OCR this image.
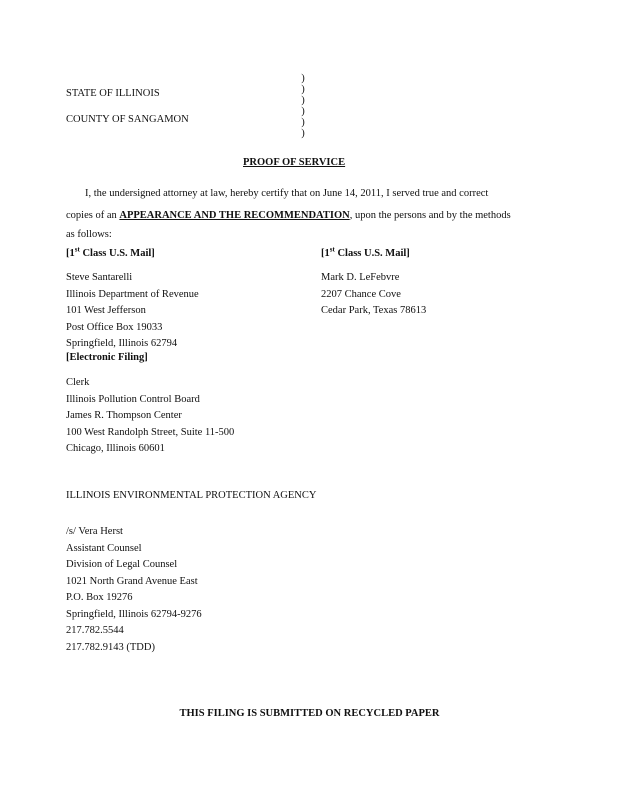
STATE OF ILLINOIS
COUNTY OF SANGAMON
)
)
)
)
)
)
PROOF OF SERVICE
I, the undersigned attorney at law, hereby certify that on June 14, 2011, I served true and correct
copies of an APPEARANCE AND THE RECOMMENDATION, upon the persons and by the methods
as follows:
[1st Class U.S. Mail]	[1st Class U.S. Mail]
Steve Santarelli
Illinois Department of Revenue
101 West Jefferson
Post Office Box 19033
Springfield, Illinois 62794
Mark D. LeFebvre
2207 Chance Cove
Cedar Park, Texas 78613
[Electronic Filing]
Clerk
Illinois Pollution Control Board
James R. Thompson Center
100 West Randolph Street, Suite 11-500
Chicago, Illinois 60601
ILLINOIS ENVIRONMENTAL PROTECTION AGENCY
/s/ Vera Herst
Assistant Counsel
Division of Legal Counsel
1021 North Grand Avenue East
P.O. Box 19276
Springfield, Illinois 62794-9276
217.782.5544
217.782.9143 (TDD)
THIS FILING IS SUBMITTED ON RECYCLED PAPER
